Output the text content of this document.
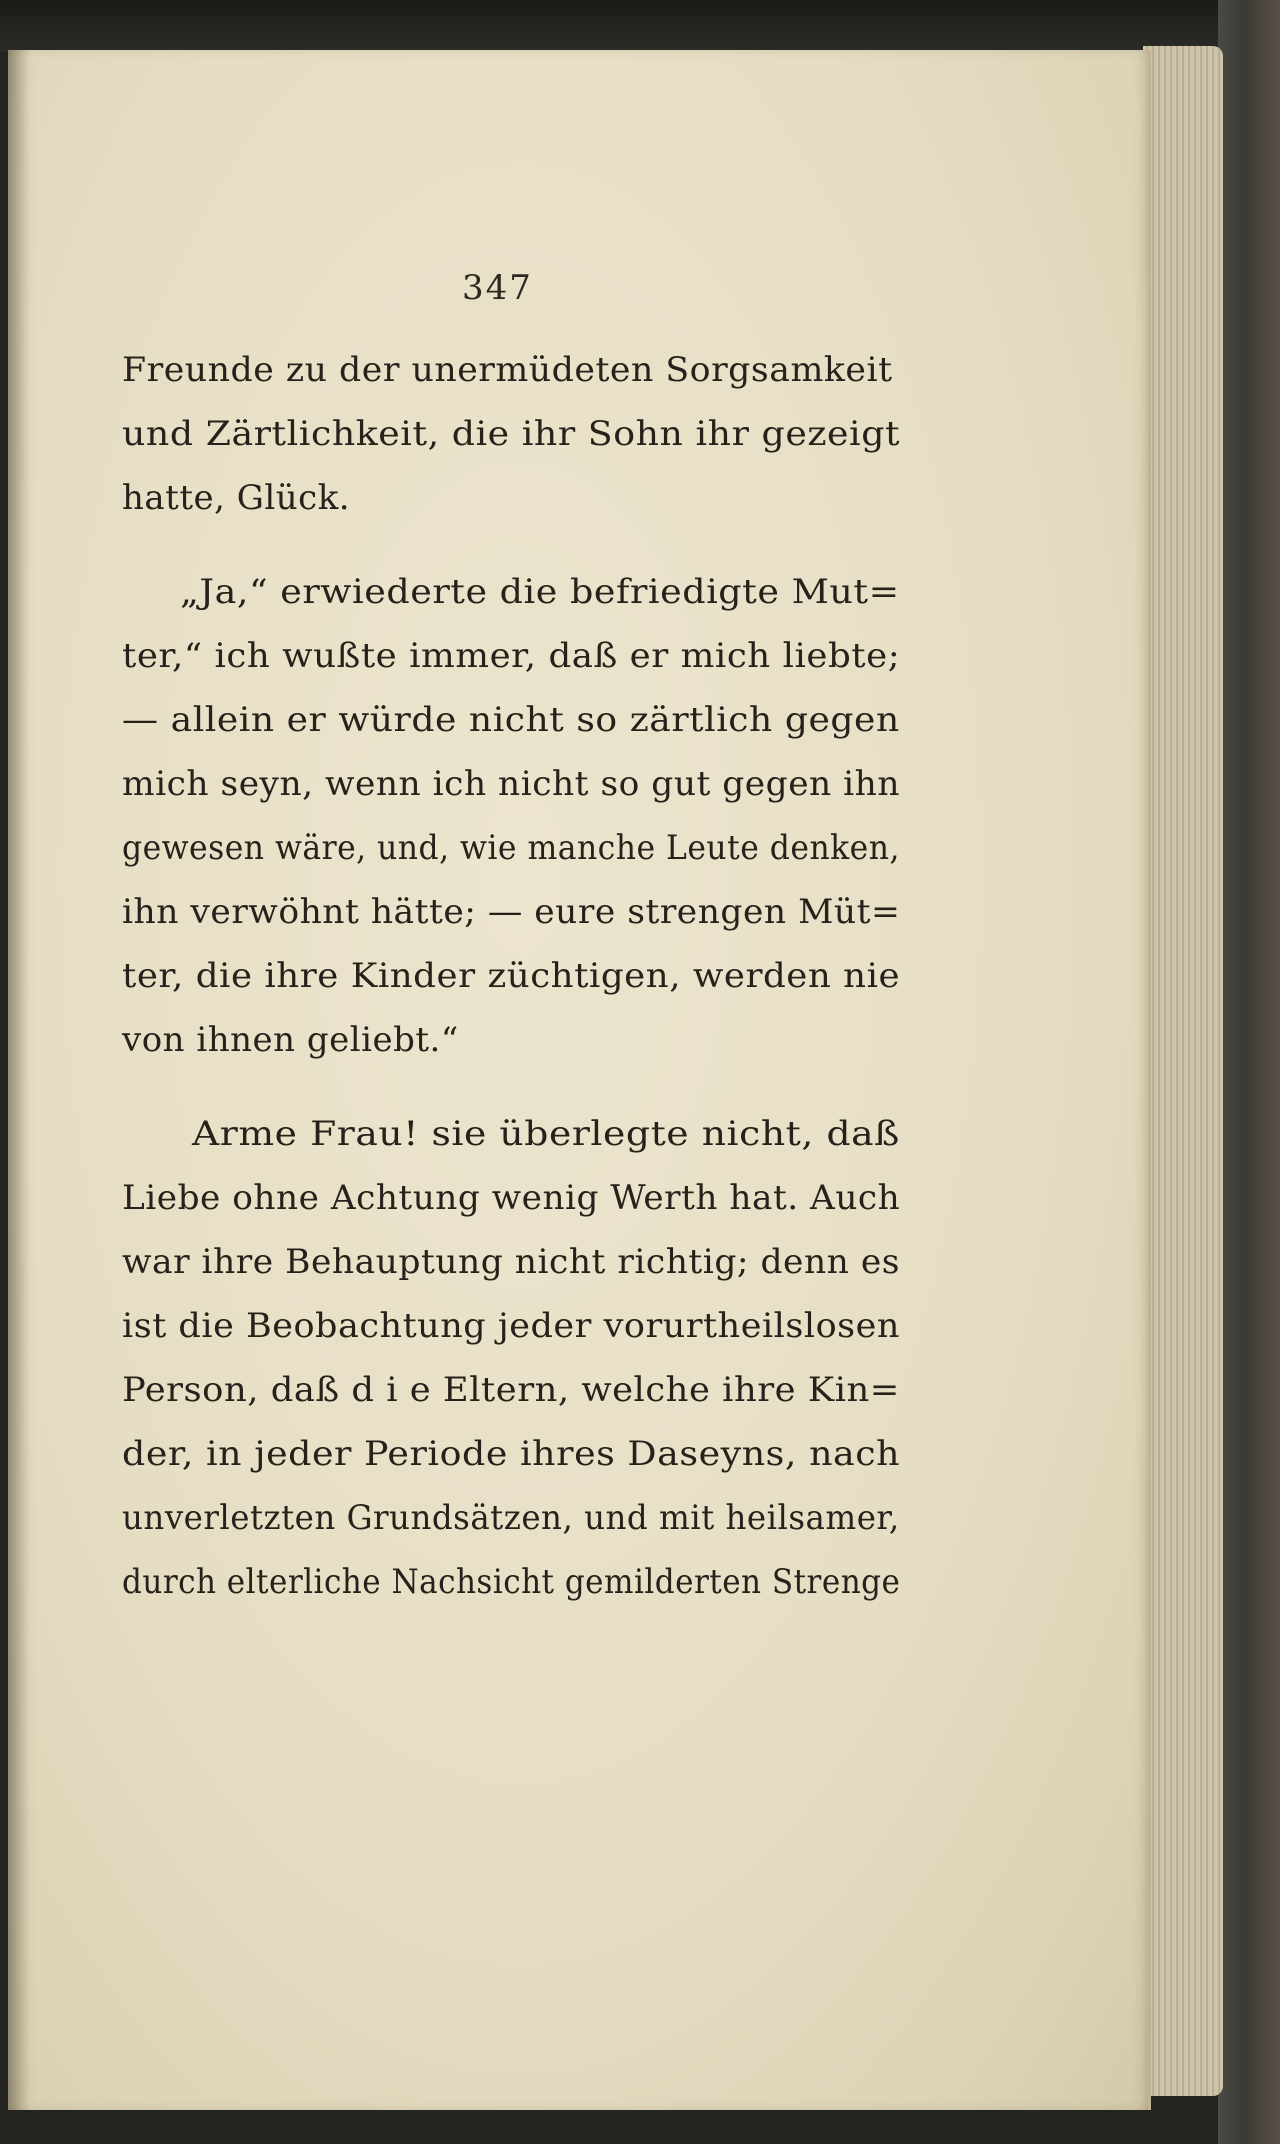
347
Freunde zu der unermüdeten Sorgsamkeit
und Zärtlichkeit, die ihr Sohn ihr gezeigt
hatte, Glück.
„Ja,“ erwiederte die befriedigte Mut=
ter,“ ich wußte immer, daß er mich liebte;
— allein er würde nicht so zärtlich gegen
mich seyn, wenn ich nicht so gut gegen ihn
gewesen wäre, und, wie manche Leute denken,
ihn verwöhnt hätte; — eure strengen Müt=
ter, die ihre Kinder züchtigen, werden nie
von ihnen geliebt.“
Arme Frau! sie überlegte nicht, daß
Liebe ohne Achtung wenig Werth hat. Auch
war ihre Behauptung nicht richtig; denn es
ist die Beobachtung jeder vorurtheilslosen
Person, daß d i e Eltern, welche ihre Kin=
der, in jeder Periode ihres Daseyns, nach
unverletzten Grundsätzen, und mit heilsamer,
durch elterliche Nachsicht gemilderten Strenge
